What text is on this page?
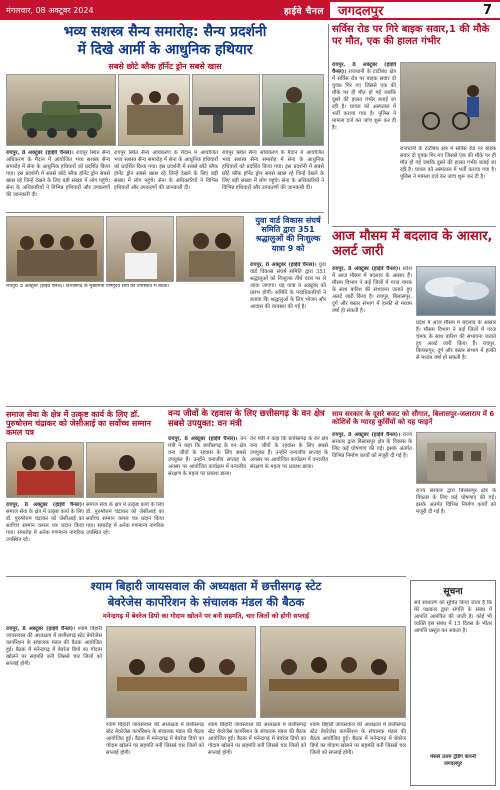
मंगलवार, 08 अक्टूबर 2024	हाईवे चैनल जगदलपुर	7
भव्य सशस्त्र सैन्य समारोह: सैन्य प्रदर्शनी
में दिखे आर्मी के आधुनिक हथियार
सबसे छोटे ब्लैक हॉर्नेट ड्रोन सबसे खास
रायपुर, 8 अक्टूबर (हाईवे चैनल)। रायपुर स्थित सैन्य अधिकरण के मैदान में आयोजित भव्य सशस्त्र सैन्य समारोह में सेना के आधुनिक हथियारों को प्रदर्शित किया गया। इस प्रदर्शनी में सबसे छोटे ब्लैक हॉर्नेट ड्रोन सबसे खास रहे जिन्हें देखने के लिए बड़ी संख्या में लोग पहुंचे। सेना के अधिकारियों ने विभिन्न हथियारों और उपकरणों की जानकारी दी।
रायपुर स्थित सैन्य अधिकरण के मैदान में आयोजित भव्य सशस्त्र सैन्य समारोह में सेना के आधुनिक हथियारों को प्रदर्शित किया गया। इस प्रदर्शनी में सबसे छोटे ब्लैक हॉर्नेट ड्रोन सबसे खास रहे जिन्हें देखने के लिए बड़ी संख्या में लोग पहुंचे। सेना के अधिकारियों ने विभिन्न हथियारों और उपकरणों की जानकारी दी।
रायपुर स्थित सैन्य अधिकरण के मैदान में आयोजित भव्य सशस्त्र सैन्य समारोह में सेना के आधुनिक हथियारों को प्रदर्शित किया गया। इस प्रदर्शनी में सबसे छोटे ब्लैक हॉर्नेट ड्रोन सबसे खास रहे जिन्हें देखने के लिए बड़ी संख्या में लोग पहुंचे। सेना के अधिकारियों ने विभिन्न हथियारों और उपकरणों की जानकारी दी।
सर्विस रोड पर गिरे बाइक सवार,1 की मौके पर मौत, एक की हालत गंभीर
रायपुर, 8 अक्टूबर (हाईवे चैनल)। राजधानी के टाटीबंध क्षेत्र में सर्विस रोड पर बाइक सवार दो युवक गिर गए जिससे एक की मौके पर ही मौत हो गई जबकि दूसरे की हालत गंभीर बताई जा रही है। घायल को अस्पताल में भर्ती कराया गया है। पुलिस ने मामला दर्ज कर जांच शुरू कर दी है।
राजधानी के टाटीबंध क्षेत्र में सर्विस रोड पर बाइक सवार दो युवक गिर गए जिससे एक की मौके पर ही मौत हो गई जबकि दूसरे की हालत गंभीर बताई जा रही है। घायल को अस्पताल में भर्ती कराया गया है। पुलिस ने मामला दर्ज कर जांच शुरू कर दी है।
रायपुर। 8 अक्टूबर (हाईवे चैनल)। छत्तीसगढ़ के मुख्यमंत्री विष्णुदेव साय की उपस्थिति में बैठक।
युवा वार्ड विकास संघर्ष समिति द्वारा 351 श्रद्धालुओं की निःशुल्क यात्रा 9 को
रायपुर, 8 अक्टूबर (हाईवे चैनल)। युवा वार्ड विकास संघर्ष समिति द्वारा 351 श्रद्धालुओं को निःशुल्क तीर्थ यात्रा पर ले जाया जाएगा। यह यात्रा 9 अक्टूबर को प्रारंभ होगी। समिति के पदाधिकारियों ने बताया कि श्रद्धालुओं के लिए भोजन और आवास की व्यवस्था की गई है।
आज मौसम में बदलाव के आसार, अलर्ट जारी
रायपुर, 8 अक्टूबर (हाईवे चैनल)। प्रदेश में आज मौसम में बदलाव के आसार हैं। मौसम विभाग ने कई जिलों में गरज चमक के साथ बारिश की संभावना जताते हुए अलर्ट जारी किया है। रायपुर, बिलासपुर, दुर्ग और बस्तर संभाग में हल्की से मध्यम वर्षा हो सकती है।
प्रदेश में आज मौसम में बदलाव के आसार हैं। मौसम विभाग ने कई जिलों में गरज चमक के साथ बारिश की संभावना जताते हुए अलर्ट जारी किया है। रायपुर, बिलासपुर, दुर्ग और बस्तर संभाग में हल्की से मध्यम वर्षा हो सकती है।
समाज सेवा के क्षेत्र में उत्कृष्ट कार्य के लिए डॉ. पुरुषोत्तम चंद्राकर को जेसीआई का सर्वोच्च सम्मान कमल पत्र
रायपुर, 8 अक्टूबर (हाईवे चैनल)। समाज सेवा के क्षेत्र में उत्कृष्ट कार्य के लिए डॉ. पुरुषोत्तम चंद्राकर को जेसीआई का सर्वोच्च सम्मान कमल पत्र प्रदान किया गया। समारोह में अनेक गणमान्य नागरिक उपस्थित रहे।
समाज सेवा के क्षेत्र में उत्कृष्ट कार्य के लिए डॉ. पुरुषोत्तम चंद्राकर को जेसीआई का सर्वोच्च सम्मान कमल पत्र प्रदान किया गया। समारोह में अनेक गणमान्य नागरिक उपस्थित रहे।
वन्य जीवों के रहवास के लिए छत्तीसगढ़ के वन क्षेत्र सबसे उपयुक्त: वन मंत्री
रायपुर, 8 अक्टूबर (हाईवे चैनल)। वन मंत्री ने कहा कि छत्तीसगढ़ के वन क्षेत्र वन्य जीवों के रहवास के लिए सबसे उपयुक्त हैं। उन्होंने वन्यजीव सप्ताह के अवसर पर आयोजित कार्यक्रम में वन्यजीव संरक्षण के महत्व पर प्रकाश डाला।
वन मंत्री ने कहा कि छत्तीसगढ़ के वन क्षेत्र वन्य जीवों के रहवास के लिए सबसे उपयुक्त हैं। उन्होंने वन्यजीव सप्ताह के अवसर पर आयोजित कार्यक्रम में वन्यजीव संरक्षण के महत्व पर प्रकाश डाला।
साय सरकार के दूसरे बजट को सौगात, बिलासपुर-जलाराम में 6 कोशिशें के ग्यारह कुर्सियों को यह फाइनें
रायपुर, 8 अक्टूबर (हाईवे चैनल)। राज्य सरकार द्वारा बिलासपुर क्षेत्र के विकास के लिए कई घोषणाएं की गईं। इसके अंतर्गत विभिन्न निर्माण कार्यों को मंजूरी दी गई है।
राज्य सरकार द्वारा बिलासपुर क्षेत्र के विकास के लिए कई घोषणाएं की गईं। इसके अंतर्गत विभिन्न निर्माण कार्यों को मंजूरी दी गई है।
श्याम बिहारी जायसवाल की अध्यक्षता में छत्तीसगढ़ स्टेट
बेवरेजेस कार्पोरेशन के संचालक मंडल की बैठक
मनेन्द्रगढ़ में बेवरेज डिपो का गोदाम खोलने पर बनी सहमति, चार जिलों को होगी सप्लाई
रायपुर, 8 अक्टूबर (हाईवे चैनल)। श्याम बिहारी जायसवाल की अध्यक्षता में छत्तीसगढ़ स्टेट बेवरेजेस कार्पोरेशन के संचालक मंडल की बैठक आयोजित हुई। बैठक में मनेन्द्रगढ़ में बेवरेज डिपो का गोदाम खोलने पर सहमति बनी जिससे चार जिलों को सप्लाई होगी।
श्याम बिहारी जायसवाल की अध्यक्षता में छत्तीसगढ़ स्टेट बेवरेजेस कार्पोरेशन के संचालक मंडल की बैठक आयोजित हुई। बैठक में मनेन्द्रगढ़ में बेवरेज डिपो का गोदाम खोलने पर सहमति बनी जिससे चार जिलों को सप्लाई होगी।
श्याम बिहारी जायसवाल की अध्यक्षता में छत्तीसगढ़ स्टेट बेवरेजेस कार्पोरेशन के संचालक मंडल की बैठक आयोजित हुई। बैठक में मनेन्द्रगढ़ में बेवरेज डिपो का गोदाम खोलने पर सहमति बनी जिससे चार जिलों को सप्लाई होगी।
श्याम बिहारी जायसवाल की अध्यक्षता में छत्तीसगढ़ स्टेट बेवरेजेस कार्पोरेशन के संचालक मंडल की बैठक आयोजित हुई। बैठक में मनेन्द्रगढ़ में बेवरेज डिपो का गोदाम खोलने पर सहमति बनी जिससे चार जिलों को सप्लाई होगी।
सूचना
सर्व साधारण को सूचित किया जाता है कि मेरे पक्षकार द्वारा संपत्ति के संबंध में आपत्ति आमंत्रित की जाती है। कोई भी व्यक्ति इस संबंध में 15 दिवस के भीतर आपत्ति प्रस्तुत कर सकता है।
मेसर्स उत्तम ट्रेडिंग कंपनी
जगदलपुर
